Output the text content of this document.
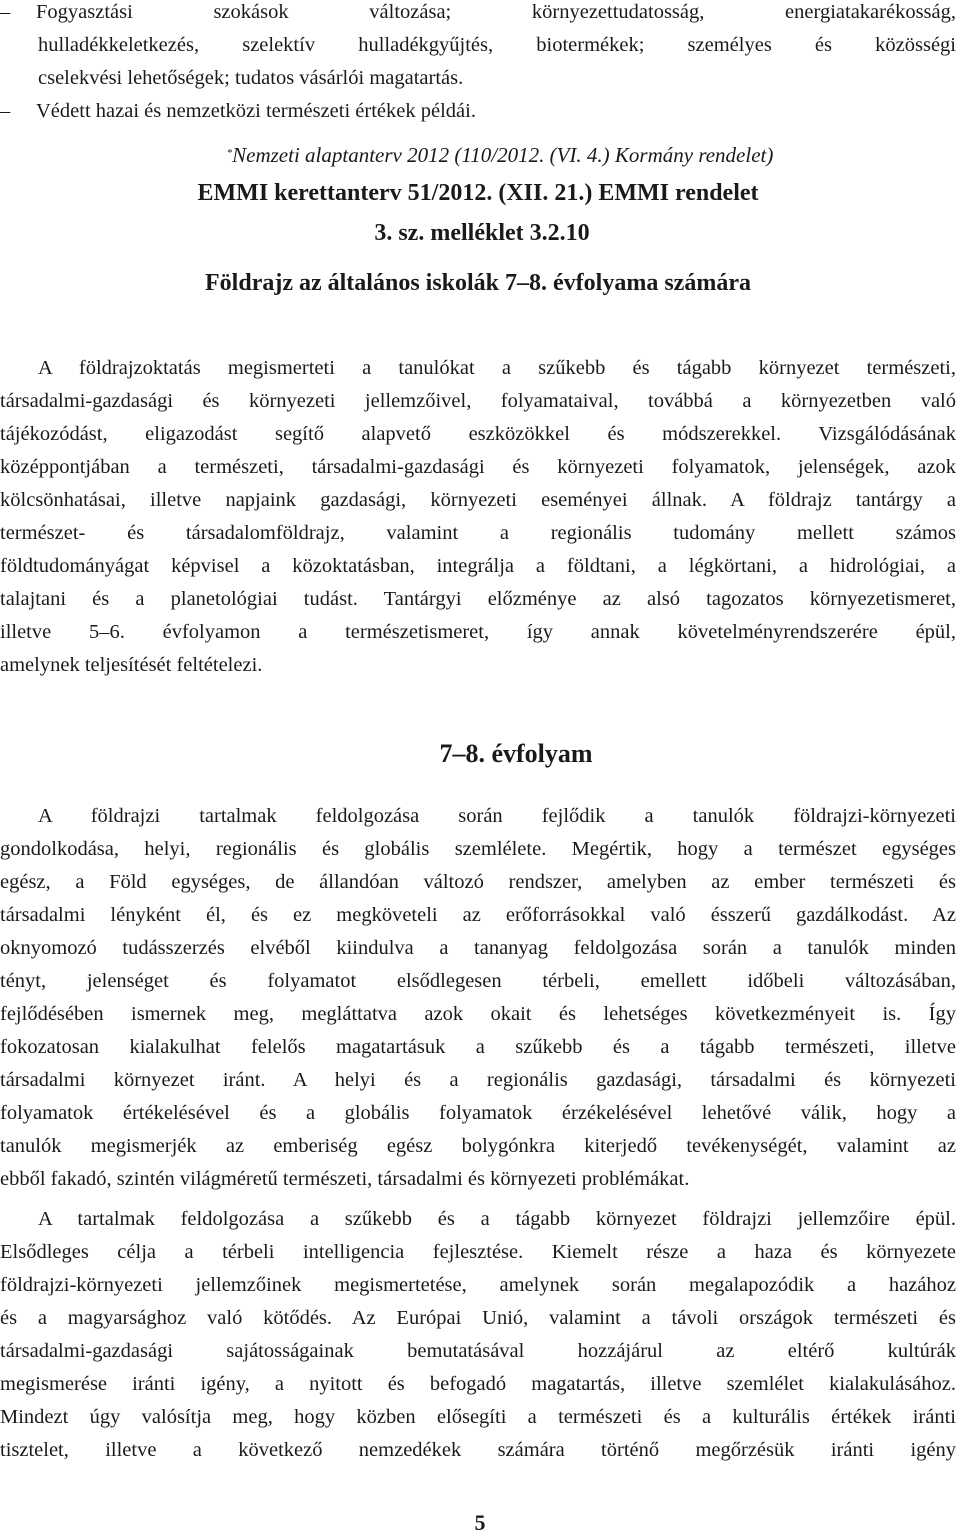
– Fogyasztási szokások változása; környezettudatosság, energiatakarékosság,

hulladékkeletkezés, szelektív hulladékgyűjtés, biotermékek; személyes és közösségi

cselekvési lehetőségek; tudatos vásárlói magatartás.

– Védett hazai és nemzetközi természeti értékek példái.

*Nemzeti alaptanterv 2012 (110/2012. (VI. 4.) Kormány rendelet)

EMMI kerettanterv 51/2012. (XII. 21.) EMMI rendelet

3. sz. melléklet 3.2.10

Földrajz az általános iskolák 7–8. évfolyama számára

A földrajzoktatás megismerteti a tanulókat a szűkebb és tágabb környezet természeti,

társadalmi-gazdasági és környezeti jellemzőivel, folyamataival, továbbá a környezetben való

tájékozódást, eligazodást segítő alapvető eszközökkel és módszerekkel. Vizsgálódásának

középpontjában a természeti, társadalmi-gazdasági és környezeti folyamatok, jelenségek, azok

kölcsönhatásai, illetve napjaink gazdasági, környezeti eseményei állnak. A földrajz tantárgy a

természet- és társadalomföldrajz, valamint a regionális tudomány mellett számos

földtudományágat képvisel a közoktatásban, integrálja a földtani, a légkörtani, a hidrológiai, a

talajtani és a planetológiai tudást. Tantárgyi előzménye az alsó tagozatos környezetismeret,

illetve 5–6. évfolyamon a természetismeret, így annak követelményrendszerére épül,

amelynek teljesítését feltételezi.

7–8. évfolyam

A földrajzi tartalmak feldolgozása során fejlődik a tanulók földrajzi-környezeti

gondolkodása, helyi, regionális és globális szemlélete. Megértik, hogy a természet egységes

egész, a Föld egységes, de állandóan változó rendszer, amelyben az ember természeti és

társadalmi lényként él, és ez megköveteli az erőforrásokkal való ésszerű gazdálkodást. Az

oknyomozó tudásszerzés elvéből kiindulva a tananyag feldolgozása során a tanulók minden

tényt, jelenséget és folyamatot elsődlegesen térbeli, emellett időbeli változásában,

fejlődésében ismernek meg, megláttatva azok okait és lehetséges következményeit is. Így

fokozatosan kialakulhat felelős magatartásuk a szűkebb és a tágabb természeti, illetve

társadalmi környezet iránt. A helyi és a regionális gazdasági, társadalmi és környezeti

folyamatok értékelésével és a globális folyamatok érzékelésével lehetővé válik, hogy a

tanulók megismerjék az emberiség egész bolygónkra kiterjedő tevékenységét, valamint az

ebből fakadó, szintén világméretű természeti, társadalmi és környezeti problémákat.

A tartalmak feldolgozása a szűkebb és a tágabb környezet földrajzi jellemzőire épül.

Elsődleges célja a térbeli intelligencia fejlesztése. Kiemelt része a haza és környezete

földrajzi-környezeti jellemzőinek megismertetése, amelynek során megalapozódik a hazához

és a magyarsághoz való kötődés. Az Európai Unió, valamint a távoli országok természeti és

társadalmi-gazdasági sajátosságainak bemutatásával hozzájárul az eltérő kultúrák

megismerése iránti igény, a nyitott és befogadó magatartás, illetve szemlélet kialakulásához.

Mindezt úgy valósítja meg, hogy közben elősegíti a természeti és a kulturális értékek iránti

tisztelet, illetve a következő nemzedékek számára történő megőrzésük iránti igény

5
